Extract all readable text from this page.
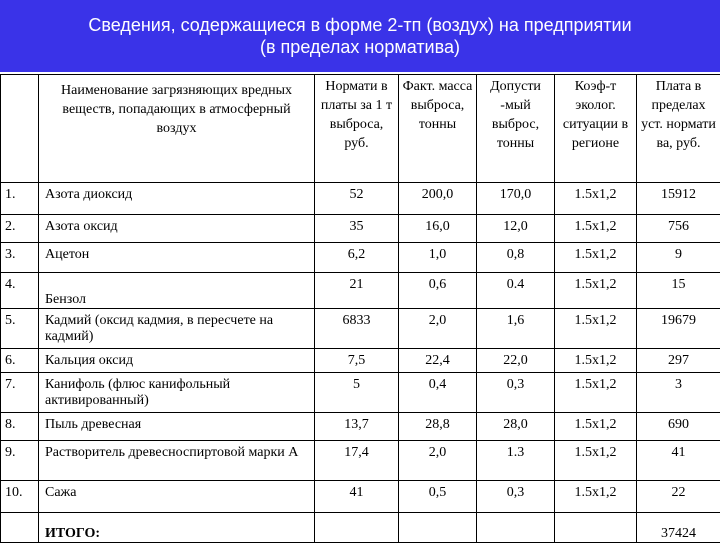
Сведения, содержащиеся в форме 2-тп (воздух) на предприятии
(в пределах норматива)
	Наименование загрязняющих вредных веществ, попадающих в атмосферный воздух	Нормати в платы за 1 т выброса, руб.	Факт. масса выброса, тонны	Допусти -мый выброс, тонны	Коэф-т эколог. ситуации в регионе	Плата в пределах уст. нормати ва, руб.
1.	Азота диоксид	52	200,0	170,0	1.5x1,2	15912
2.	Азота оксид	35	16,0	12,0	1.5x1,2	756
3.	Ацетон	6,2	1,0	0,8	1.5x1,2	9
4.	Бензол	21	0,6	0.4	1.5x1,2	15
5.	Кадмий (оксид кадмия, в пересчете на кадмий)	6833	2,0	1,6	1.5x1,2	19679
6.	Кальция оксид	7,5	22,4	22,0	1.5x1,2	297
7.	Канифоль (флюс канифольный активированный)	5	0,4	0,3	1.5x1,2	3
8.	Пыль древесная	13,7	28,8	28,0	1.5x1,2	690
9.	Растворитель древесноспиртовой марки А	17,4	2,0	1.3	1.5x1,2	41
10.	Сажа	41	0,5	0,3	1.5x1,2	22
	ИТОГО:					37424
